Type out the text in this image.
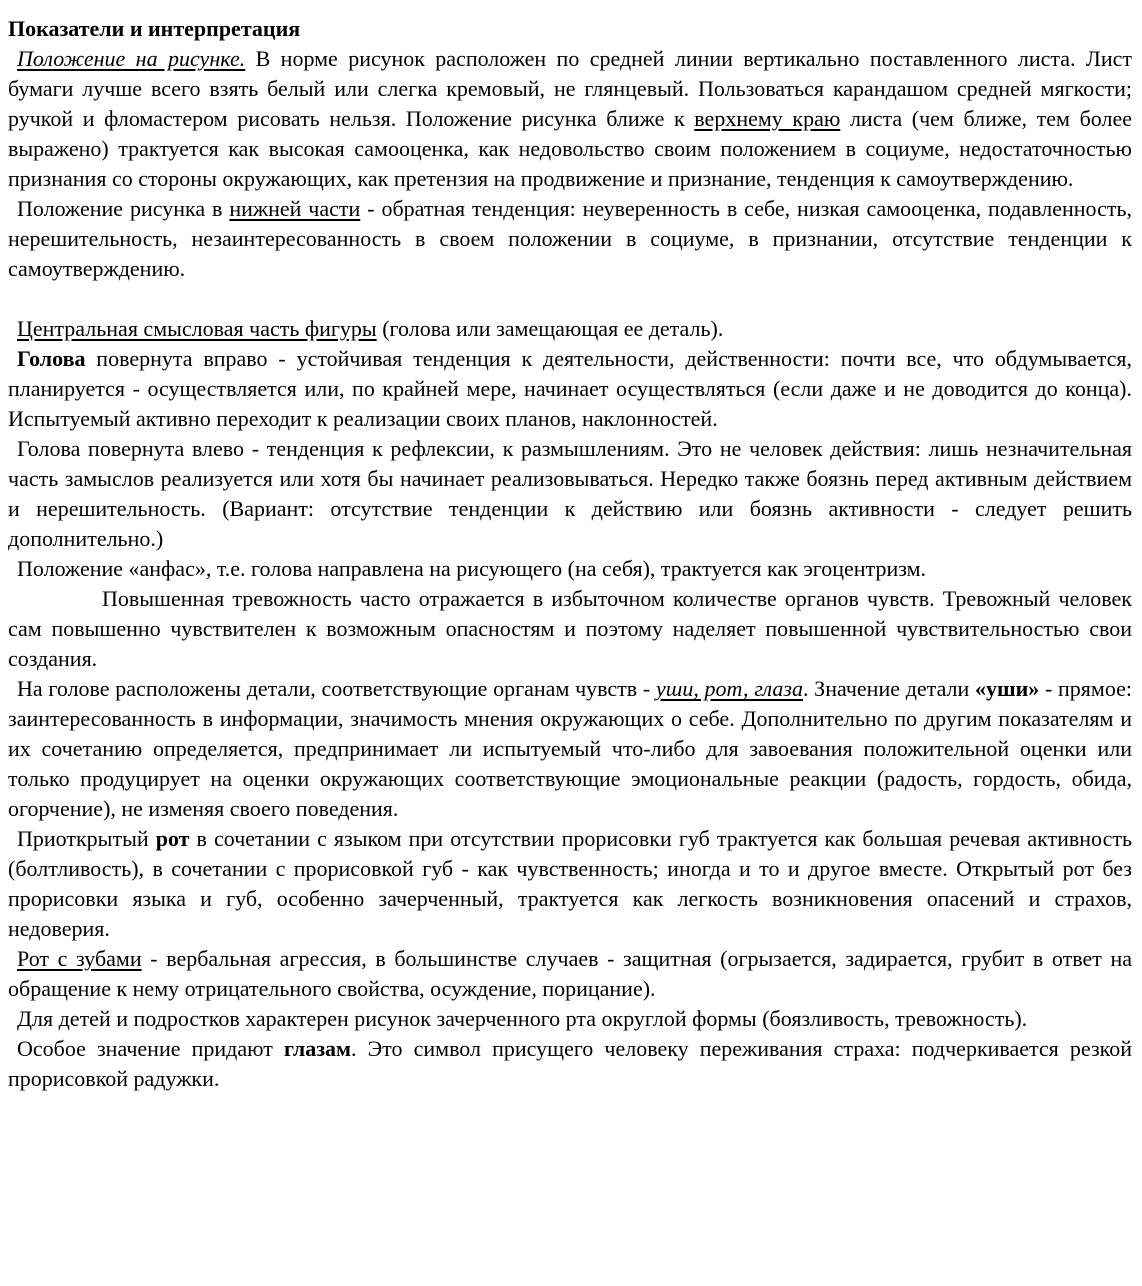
Показатели и интерпретация

Положение на рисунке. В норме рисунок расположен по средней линии вертикально поставленного листа. Лист бумаги лучше всего взять белый или слегка кремовый, не глянцевый. Пользоваться карандашом средней мягкости; ручкой и фломастером рисовать нельзя. Положение рисунка ближе к верхнему краю листа (чем ближе, тем более выражено) трактуется как высокая самооценка, как недовольство своим положением в социуме, недостаточностью признания со стороны окружающих, как претензия на продвижение и признание, тенденция к самоутверждению.

Положение рисунка в нижней части - обратная тенденция: неуверенность в себе, низкая самооценка, подавленность, нерешительность, незаинтересованность в своем положении в социуме, в признании, отсутствие тенденции к самоутверждению.

Центральная смысловая часть фигуры (голова или замещающая ее деталь).

Голова повернута вправо - устойчивая тенденция к деятельности, действенности: почти все, что обдумывается, планируется - осуществляется или, по крайней мере, начинает осуществляться (если даже и не доводится до конца). Испытуемый активно переходит к реализации своих планов, наклонностей.

Голова повернута влево - тенденция к рефлексии, к размышлениям. Это не человек действия: лишь незначительная часть замыслов реализуется или хотя бы начинает реализовываться. Нередко также боязнь перед активным действием и нерешительность. (Вариант: отсутствие тенденции к действию или боязнь активности - следует решить дополнительно.)

Положение «анфас», т.е. голова направлена на рисующего (на себя), трактуется как эгоцентризм.

Повышенная тревожность часто отражается в избыточном количестве органов чувств. Тревожный человек сам повышенно чувствителен к возможным опасностям и поэтому наделяет повышенной чувствительностью свои создания.

На голове расположены детали, соответствующие органам чувств - уши, рот, глаза. Значение детали «уши» - прямое: заинтересованность в информации, значимость мнения окружающих о себе. Дополнительно по другим показателям и их сочетанию определяется, предпринимает ли испытуемый что-либо для завоевания положительной оценки или только продуцирует на оценки окружающих соответствующие эмоциональные реакции (радость, гордость, обида, огорчение), не изменяя своего поведения.

Приоткрытый рот в сочетании с языком при отсутствии прорисовки губ трактуется как большая речевая активность (болтливость), в сочетании с прорисовкой губ - как чувственность; иногда и то и другое вместе. Открытый рот без прорисовки языка и губ, особенно зачерченный, трактуется как легкость возникновения опасений и страхов, недоверия.

Рот с зубами - вербальная агрессия, в большинстве случаев - защитная (огрызается, задирается, грубит в ответ на обращение к нему отрицательного свойства, осуждение, порицание).

Для детей и подростков характерен рисунок зачерченного рта округлой формы (боязливость, тревожность).

Особое значение придают глазам. Это символ присущего человеку переживания страха: подчеркивается резкой прорисовкой радужки.
